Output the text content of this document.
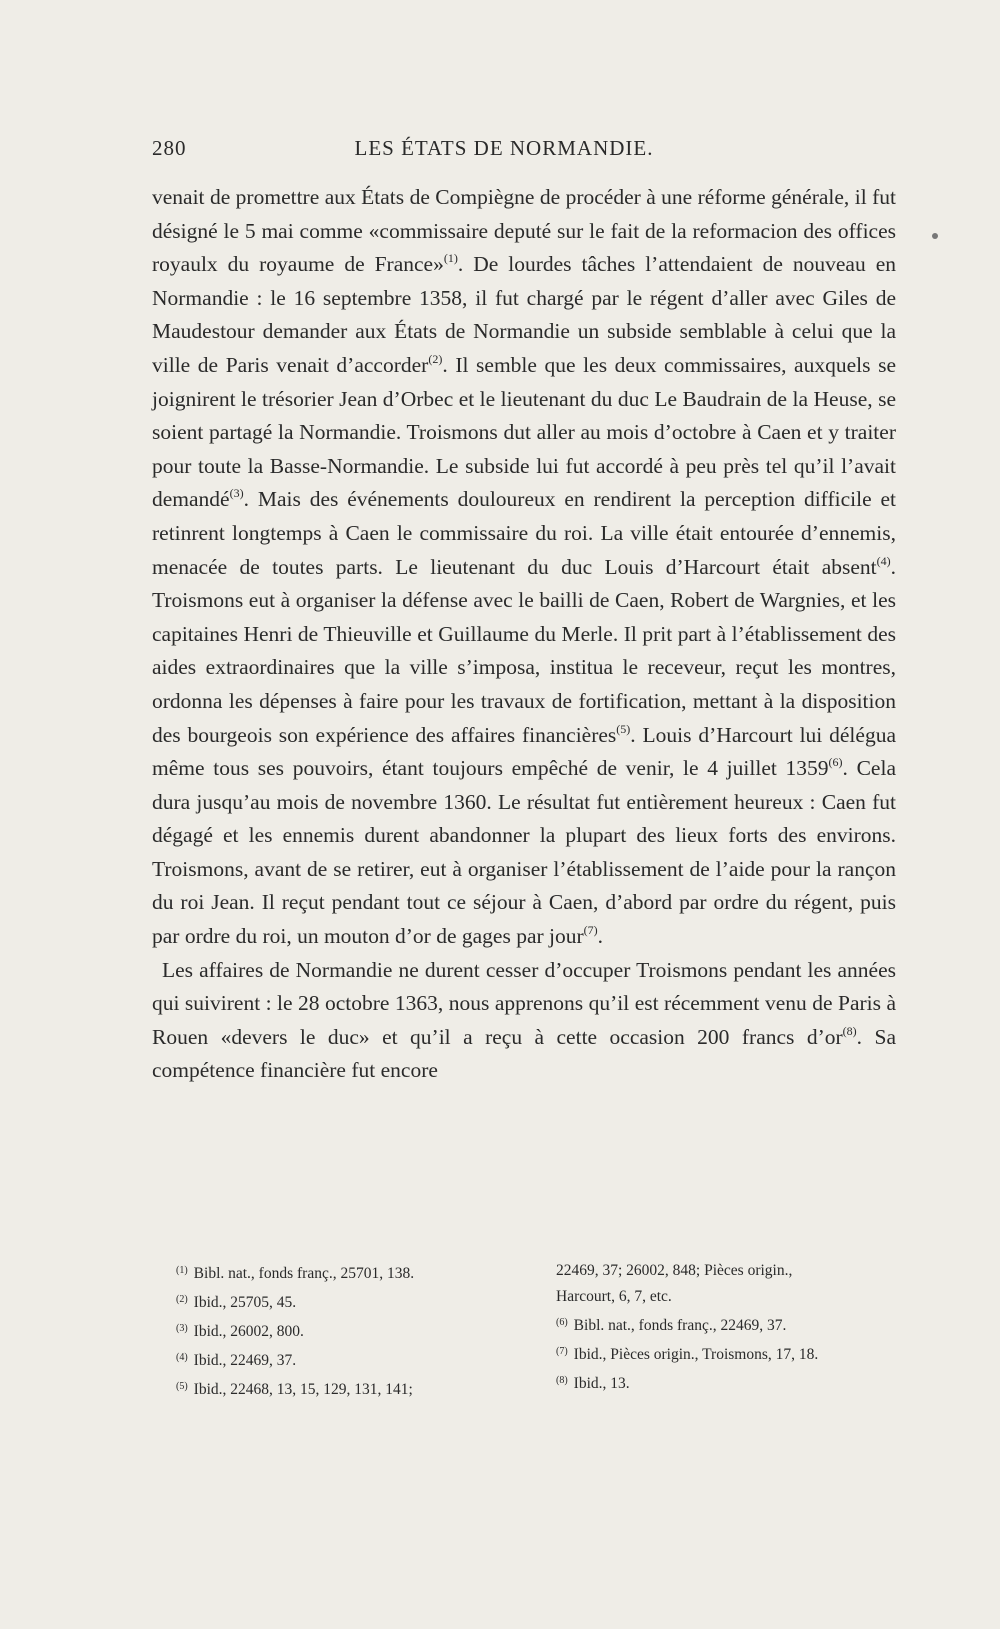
280	LES ÉTATS DE NORMANDIE.

venait de promettre aux États de Compiègne de procéder à une réforme générale, il fut désigné le 5 mai comme «commissaire deputé sur le fait de la reformacion des offices royaulx du royaume de France»$^{(1)}$. De lourdes tâches l’attendaient de nouveau en Normandie : le 16 septembre 1358, il fut chargé par le régent d’aller avec Giles de Maudestour demander aux États de Normandie un subside semblable à celui que la ville de Paris venait d’accorder$^{(2)}$. Il semble que les deux commissaires, auxquels se joignirent le trésorier Jean d’Orbec et le lieutenant du duc Le Baudrain de la Heuse, se soient partagé la Normandie. Troismons dut aller au mois d’octobre à Caen et y traiter pour toute la Basse-Normandie. Le subside lui fut accordé à peu près tel qu’il l’avait demandé$^{(3)}$. Mais des événements douloureux en rendirent la perception difficile et retinrent longtemps à Caen le commissaire du roi. La ville était entourée d’ennemis, menacée de toutes parts. Le lieutenant du duc Louis d’Harcourt était absent$^{(4)}$. Troismons eut à organiser la défense avec le bailli de Caen, Robert de Wargnies, et les capitaines Henri de Thieuville et Guillaume du Merle. Il prit part à l’établissement des aides extraordinaires que la ville s’imposa, institua le receveur, reçut les montres, ordonna les dépenses à faire pour les travaux de fortification, mettant à la disposition des bourgeois son expérience des affaires financières$^{(5)}$. Louis d’Harcourt lui délégua même tous ses pouvoirs, étant toujours empêché de venir, le 4 juillet 1359$^{(6)}$. Cela dura jusqu’au mois de novembre 1360. Le résultat fut entièrement heureux : Caen fut dégagé et les ennemis durent abandonner la plupart des lieux forts des environs. Troismons, avant de se retirer, eut à organiser l’établissement de l’aide pour la rançon du roi Jean. Il reçut pendant tout ce séjour à Caen, d’abord par ordre du régent, puis par ordre du roi, un mouton d’or de gages par jour$^{(7)}$.

Les affaires de Normandie ne durent cesser d’occuper Troismons pendant les années qui suivirent : le 28 octobre 1363, nous apprenons qu’il est récemment venu de Paris à Rouen «devers le duc» et qu’il a reçu à cette occasion 200 francs $d’or^{(8)}$. Sa compétence financière fut encore

$^{(1)}$ Bibl. nat., fonds franç., 25701, 138.
$^{(2)}$ Ibid., 25705, 45.
$^{(3)}$ Ibid., 26002, 800.
$^{(4)}$ Ibid., 22469, 37.
$^{(5)}$ Ibid., 22468, 13, 15, 129, 131, 141;
22469, 37; 26002, 848; Pièces origin.,
Harcourt, 6, 7, etc.
$^{(6)}$ Bibl. nat., fonds franç., 22469, 37.
$^{(7)}$ Ibid., Pièces origin., Troismons, 17, 18.
$^{(8)}$ Ibid., 13.
